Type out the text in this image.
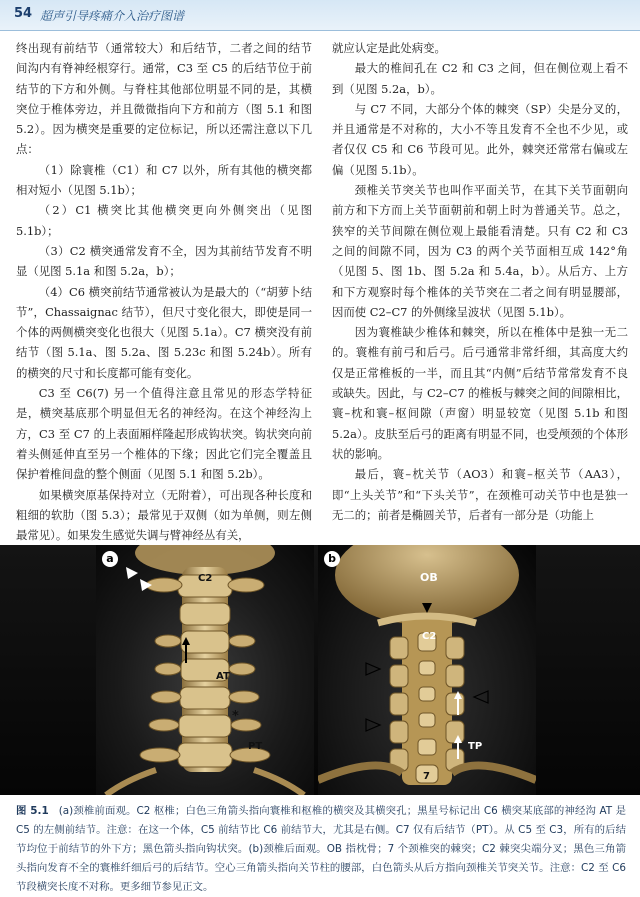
54 超声引导疼痛介入治疗图谱

终出现有前结节（通常较大）和后结节，二者之间的结节间沟内有脊神经根穿行。通常，C3 至 C5 的后结节位于前结节的下方和外侧。与脊柱其他部位明显不同的是，其横突位于椎体旁边，并且微微指向下方和前方（图 5.1 和图 5.2）。因为横突是重要的定位标记，所以还需注意以下几点：

（1）除寰椎（C1）和 C7 以外，所有其他的横突都相对短小（见图 5.1b）；

（2）C1 横突比其他横突更向外侧突出（见图 5.1b）；

（3）C2 横突通常发育不全，因为其前结节发育不明显（见图 5.1a 和图 5.2a，b）；

（4）C6 横突前结节通常被认为是最大的（“胡萝卜结节”，Chassaignac 结节），但尺寸变化很大，即使是同一个体的两侧横突变化也很大（见图 5.1a）。C7 横突没有前结节（图 5.1a、图 5.2a、图 5.23c 和图 5.24b）。所有的横突的尺寸和长度都可能有变化。

C3 至 C6(7) 另一个值得注意且常见的形态学特征是，横突基底那个明显但无名的神经沟。在这个神经沟上方，C3 至 C7 的上表面厢样隆起形成钩状突。钩状突向前着头侧延伸直至另一个椎体的下缘；因此它们完全覆盖且保护着椎间盘的整个侧面（见图 5.1 和图 5.2b）。

如果横突原基保持对立（无附着），可出现各种长度和粗细的软肋（图 5.3）；最常见于双侧（如为单侧，则左侧最常见）。如果发生感觉失调与臂神经丛有关，

就应认定是此处病变。

最大的椎间孔在 C2 和 C3 之间，但在侧位观上看不到（见图 5.2a，b）。

与 C7 不同，大部分个体的棘突（SP）尖是分叉的，并且通常是不对称的，大小不等且发育不全也不少见，或者仅仅 C5 和 C6 节段可见。此外，棘突还常常右偏或左偏（见图 5.1b）。

颈椎关节突关节也叫作平面关节，在其下关节面朝向前方和下方而上关节面朝前和朝上时为普通关节。总之，狭窄的关节间隙在侧位观上最能看清楚。只有 C2 和 C3 之间的间隙不同，因为 C3 的两个关节面相互成 142°角（见图 5、图 1b、图 5.2a 和 5.4a，b）。从后方、上方和下方观察时每个椎体的关节突在二者之间有明显腰部，因而使 C2–C7 的外侧缘呈波状（见图 5.1b）。

因为寰椎缺少椎体和棘突，所以在椎体中是独一无二的。寰椎有前弓和后弓。后弓通常非常纤细，其高度大约仅是正常椎板的一半，而且其“内侧”后结节常常发育不良或缺失。因此，与 C2–C7 的椎板与棘突之间的间隙相比，寰–枕和寰–枢间隙（声窗）明显较宽（见图 5.1b 和图 5.2a）。皮肤至后弓的距离有明显不同，也受颅颈的个体形状的影响。

最后，寰–枕关节（AO3）和寰–枢关节（AA3），即“上头关节”和“下头关节”，在颈椎可动关节中也是独一无二的；前者是椭圆关节，后者有一部分是（功能上

a
C2
AT
*
PT
b
OB
C2
TP
7
图 5.1 (a)颈椎前面观。C2 枢椎；白色三角箭头指向寰椎和枢椎的横突及其横突孔；黑星号标记出 C6 横突某底部的神经沟 AT 是 C5 的左侧前结节。注意：在这一个体，C5 前结节比 C6 前结节大，尤其是右侧。C7 仅有后结节（PT）。从 C5 至 C3，所有的后结节均位于前结节的外下方；黑色箭头指向钩状突。(b)颈椎后面观。OB 指枕骨；7 个颈椎突的棘突；C2 棘突尖端分叉；黑色三角箭头指向发育不全的寰椎纤细后弓的后结节。空心三角箭头指向关节柱的腰部，白色箭头从后方指向颈椎关节突关节。注意：C2 至 C6 节段横突长度不对称。更多细节参见正文。
